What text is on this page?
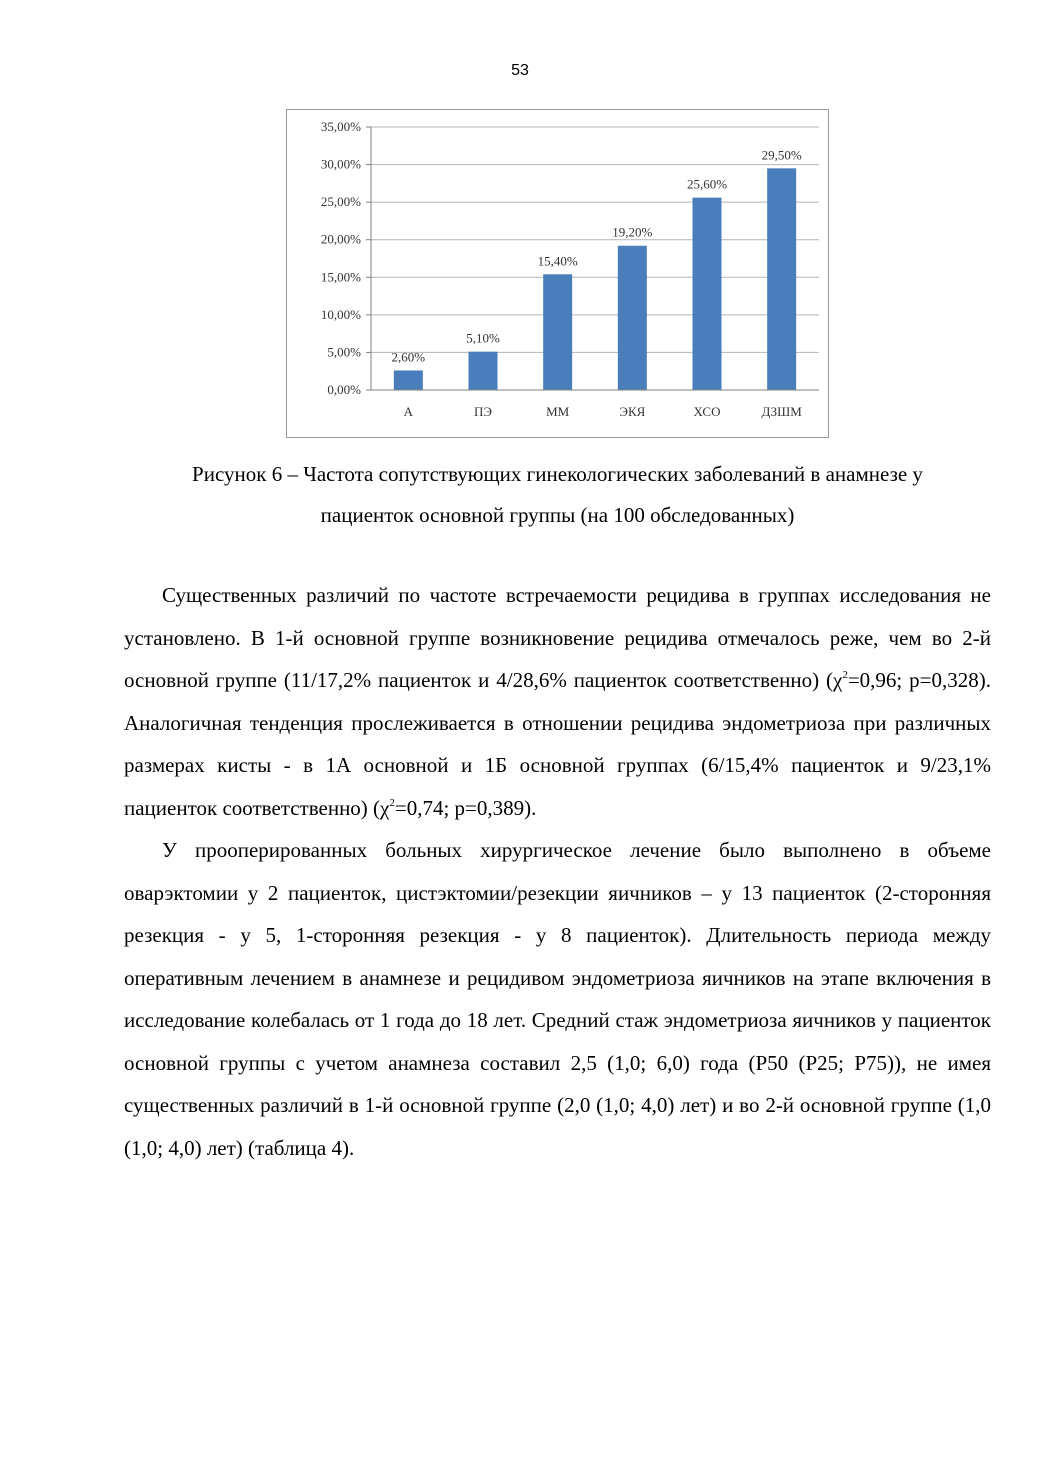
53
0,00%
5,00%
10,00%
15,00%
20,00%
25,00%
30,00%
35,00%
2,60%
А
5,10%
ПЭ
15,40%
ММ
19,20%
ЭКЯ
25,60%
ХСО
29,50%
ДЗШМ
Рисунок 6 – Частота сопутствующих гинекологических заболеваний в анамнезе у
пациенток основной группы (на 100 обследованных)

Существенных различий по частоте встречаемости рецидива в группах исследования не установлено. В 1-й основной группе возникновение рецидива отмечалось реже, чем во 2-й основной группе (11/17,2% пациенток и 4/28,6% пациенток соответственно) ($\chi^2=0,96$; p=0,328). Аналогичная тенденция прослеживается в отношении рецидива эндометриоза при различных размерах кисты - в 1А основной и 1Б основной группах (6/15,4% пациенток и 9/23,1% пациенток соответственно) ($\chi^2=0,74$; p=0,389).

У прооперированных больных хирургическое лечение было выполнено в объеме оварэктомии у 2 пациенток, цистэктомии/резекции яичников – у 13 пациенток (2-сторонняя резекция - у 5, 1-сторонняя резекция - у 8 пациенток). Длительность периода между оперативным лечением в анамнезе и рецидивом эндометриоза яичников на этапе включения в исследование колебалась от 1 года до 18 лет. Средний стаж эндометриоза яичников у пациенток основной группы с учетом анамнеза составил 2,5 (1,0; 6,0) года (P50 (P25; P75)), не имея существенных различий в 1-й основной группе (2,0 (1,0; 4,0) лет) и во 2-й основной группе (1,0 (1,0; 4,0) лет) (таблица 4).
